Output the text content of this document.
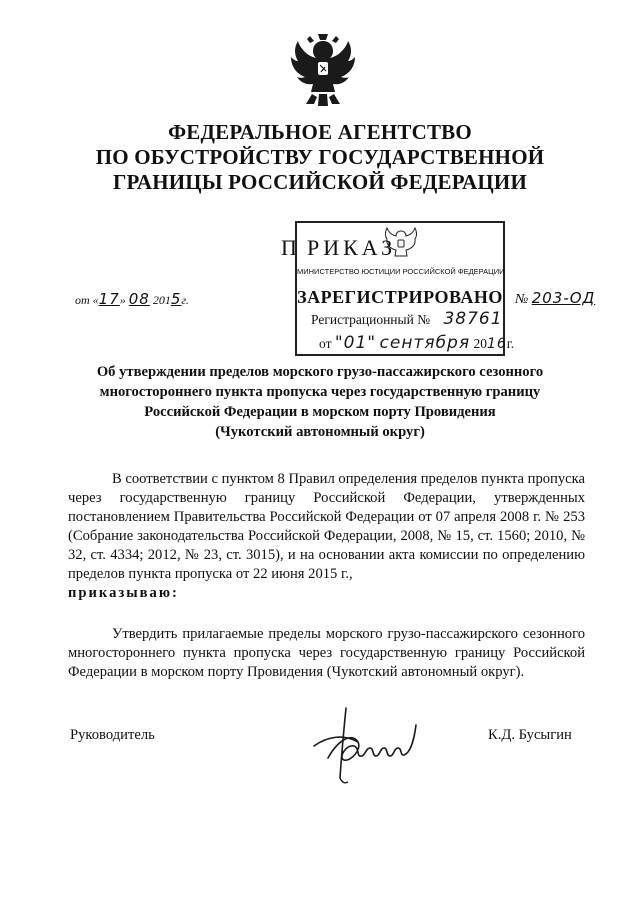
ФЕДЕРАЛЬНОЕ АГЕНТСТВО
ПО ОБУСТРОЙСТВУ ГОСУДАРСТВЕННОЙ
ГРАНИЦЫ РОССИЙСКОЙ ФЕДЕРАЦИИ
П РИКАЗ
МИНИСТЕРСТВО ЮСТИЦИИ РОССИЙСКОЙ ФЕДЕРАЦИИ
ЗАРЕГИСТРИРОВАНО
Регистрационный № 38761
от "01" сентября 2016г.
от «17» 08 2015г.	№ 203-ОД
Об утверждении пределов морского грузо-пассажирского сезонного
многостороннего пункта пропуска через государственную границу
Российской Федерации в морском порту Провидения
(Чукотский автономный округ)

В соответствии с пунктом 8 Правил определения пределов пункта пропуска через государственную границу Российской Федерации, утвержденных постановлением Правительства Российской Федерации от 07 апреля 2008 г. № 253 (Собрание законодательства Российской Федерации, 2008, № 15, ст. 1560; 2010, № 32, ст. 4334; 2012, № 23, ст. 3015), и на основании акта комиссии по определению пределов пункта пропуска от 22 июня 2015 г.,
приказываю:

Утвердить прилагаемые пределы морского грузо-пассажирского сезонного многостороннего пункта пропуска через государственную границу Российской Федерации в морском порту Провидения (Чукотский автономный округ).

Руководитель	К.Д. Бусыгин
